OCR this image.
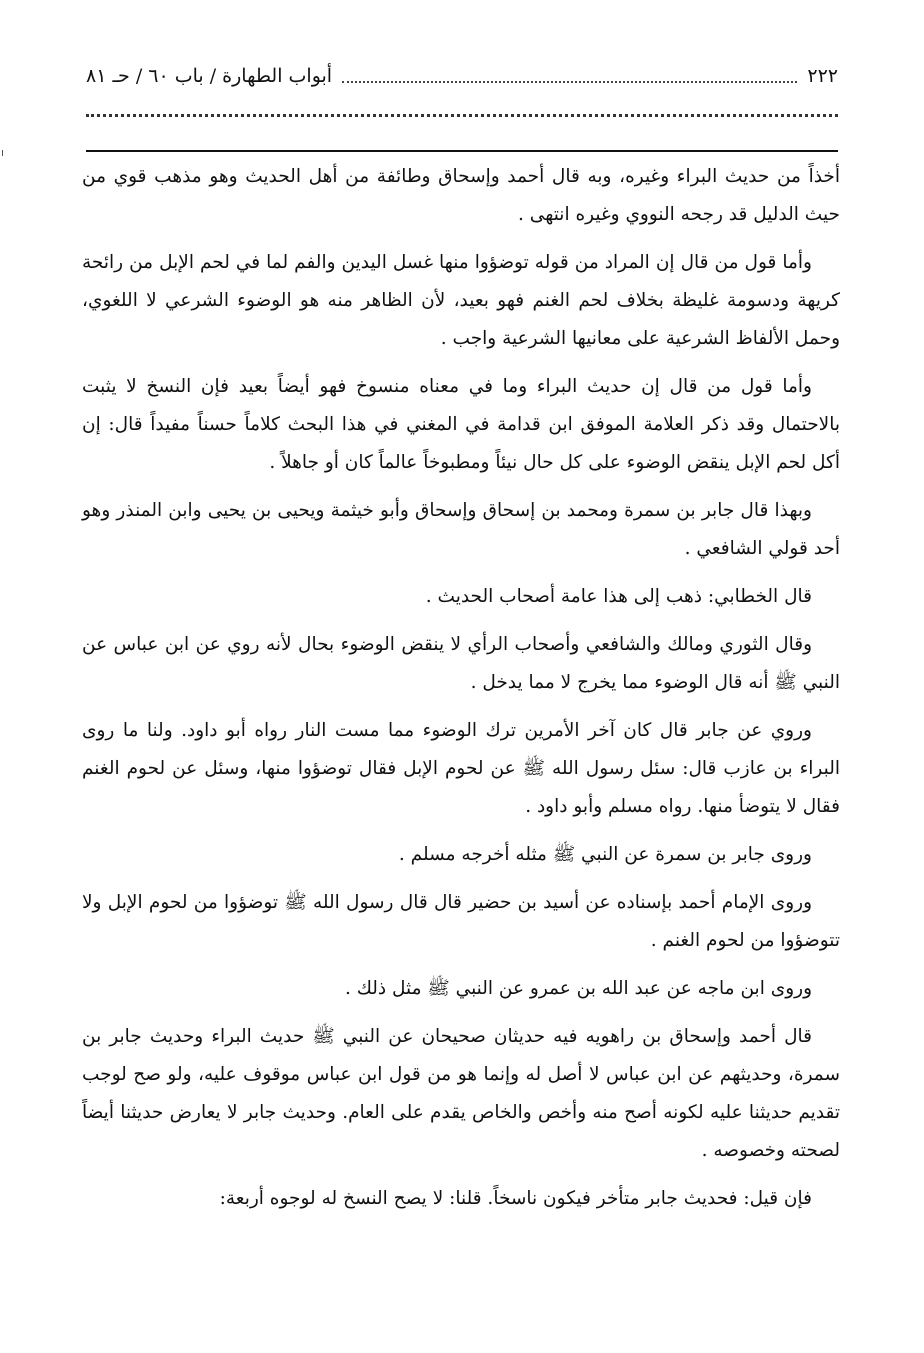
٢٢٢
أبواب الطهارة / باب ٦٠ / حـ ٨١

أخذاً من حديث البراء وغيره، وبه قال أحمد وإسحاق وطائفة من أهل الحديث وهو مذهب قوي من حيث الدليل قد رجحه النووي وغيره انتهى .

وأما قول من قال إن المراد من قوله توضؤوا منها غسل اليدين والفم لما في لحم الإبل من رائحة كريهة ودسومة غليظة بخلاف لحم الغنم فهو بعيد، لأن الظاهر منه هو الوضوء الشرعي لا اللغوي، وحمل الألفاظ الشرعية على معانيها الشرعية واجب .

وأما قول من قال إن حديث البراء وما في معناه منسوخ فهو أيضاً بعيد فإن النسخ لا يثبت بالاحتمال وقد ذكر العلامة الموفق ابن قدامة في المغني في هذا البحث كلاماً حسناً مفيداً قال: إن أكل لحم الإبل ينقض الوضوء على كل حال نيئاً ومطبوخاً عالماً كان أو جاهلاً .

وبهذا قال جابر بن سمرة ومحمد بن إسحاق وإسحاق وأبو خيثمة ويحيى بن يحيى وابن المنذر وهو أحد قولي الشافعي .

قال الخطابي: ذهب إلى هذا عامة أصحاب الحديث .

وقال الثوري ومالك والشافعي وأصحاب الرأي لا ينقض الوضوء بحال لأنه روي عن ابن عباس عن النبي ﷺ أنه قال الوضوء مما يخرج لا مما يدخل .

وروي عن جابر قال كان آخر الأمرين ترك الوضوء مما مست النار رواه أبو داود. ولنا ما روى البراء بن عازب قال: سئل رسول الله ﷺ عن لحوم الإبل فقال توضؤوا منها، وسئل عن لحوم الغنم فقال لا يتوضأ منها. رواه مسلم وأبو داود .

وروى جابر بن سمرة عن النبي ﷺ مثله أخرجه مسلم .

وروى الإمام أحمد بإسناده عن أسيد بن حضير قال قال رسول الله ﷺ توضؤوا من لحوم الإبل ولا تتوضؤوا من لحوم الغنم .

وروى ابن ماجه عن عبد الله بن عمرو عن النبي ﷺ مثل ذلك .

قال أحمد وإسحاق بن راهويه فيه حديثان صحيحان عن النبي ﷺ حديث البراء وحديث جابر بن سمرة، وحديثهم عن ابن عباس لا أصل له وإنما هو من قول ابن عباس موقوف عليه، ولو صح لوجب تقديم حديثنا عليه لكونه أصح منه وأخص والخاص يقدم على العام. وحديث جابر لا يعارض حديثنا أيضاً لصحته وخصوصه .

فإن قيل: فحديث جابر متأخر فيكون ناسخاً. قلنا: لا يصح النسخ له لوجوه أربعة:
